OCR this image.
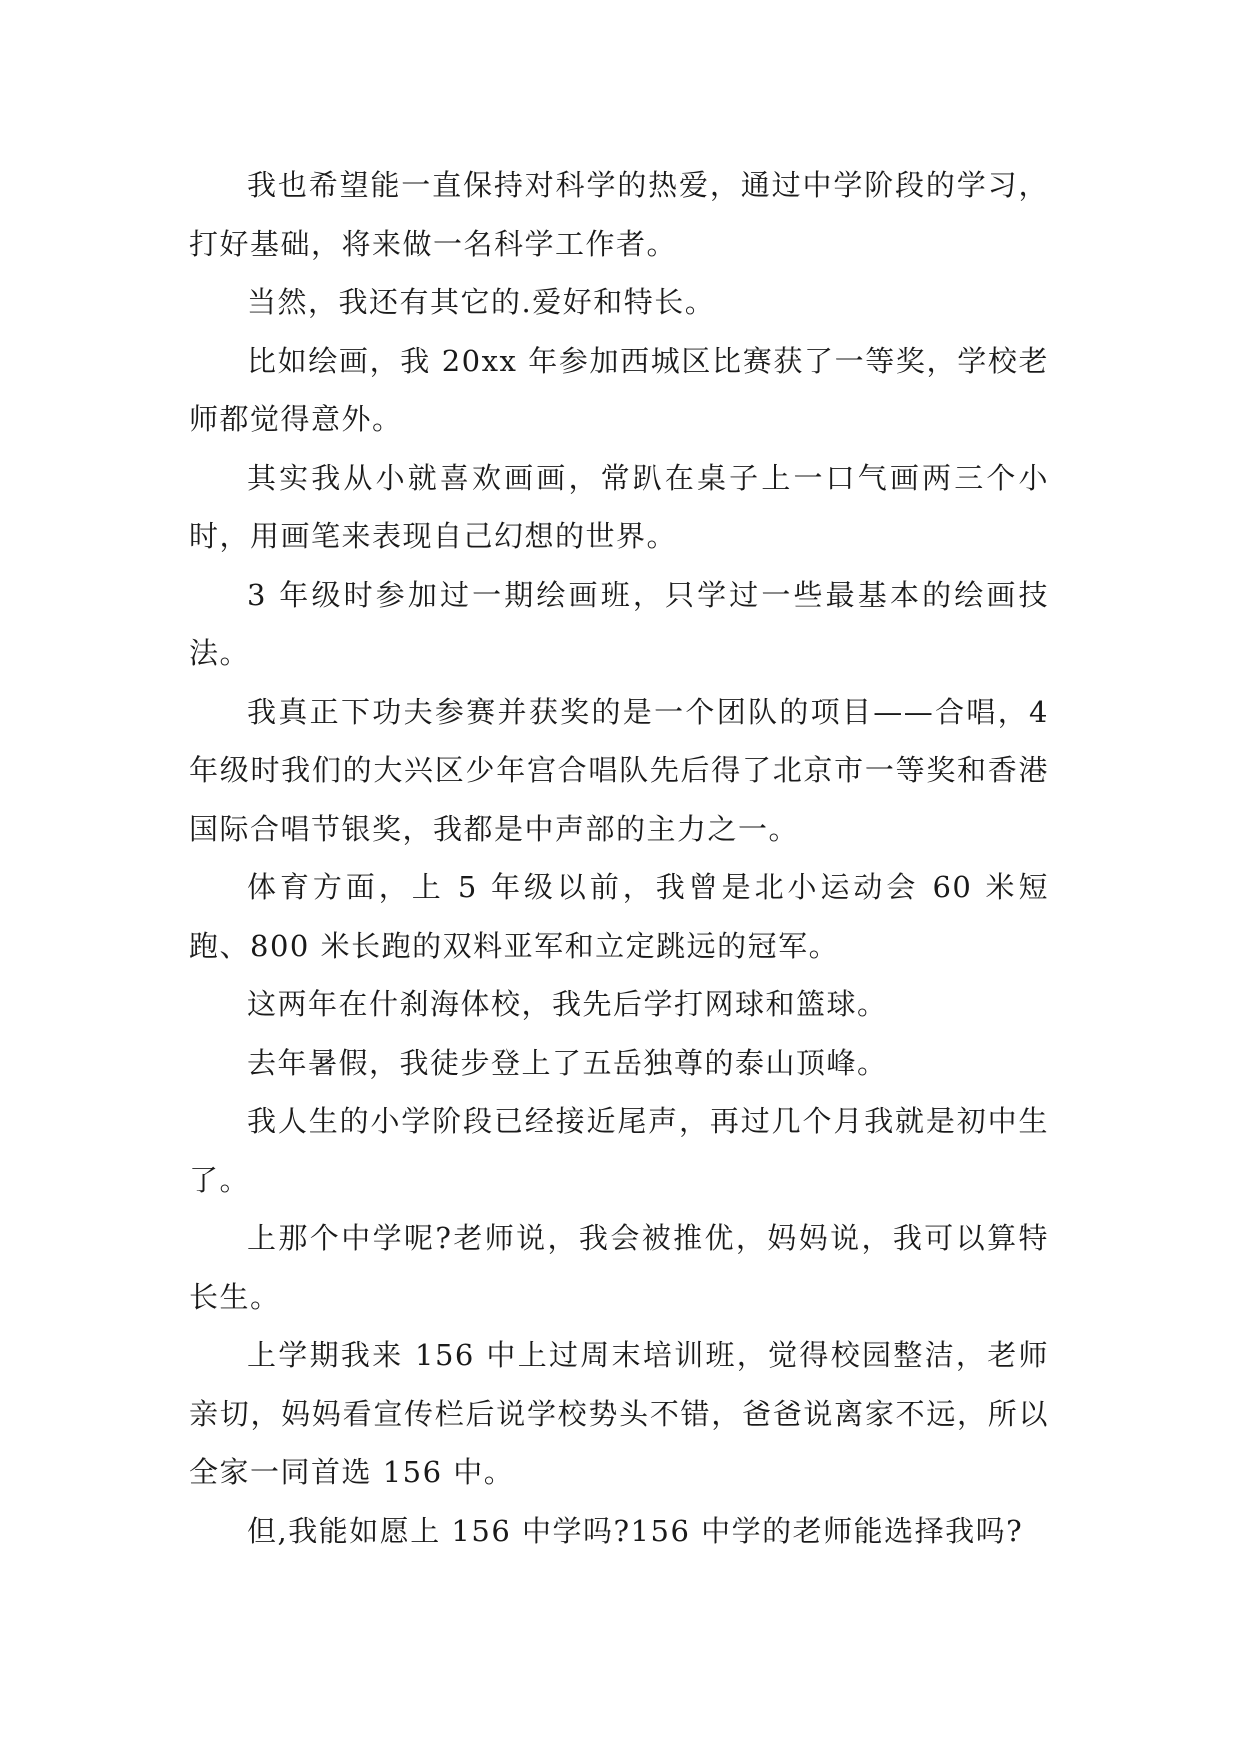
我也希望能一直保持对科学的热爱，通过中学阶段的学习，打好基础，将来做一名科学工作者。

当然，我还有其它的.爱好和特长。

比如绘画，我 20xx 年参加西城区比赛获了一等奖，学校老师都觉得意外。

其实我从小就喜欢画画，常趴在桌子上一口气画两三个小时，用画笔来表现自己幻想的世界。

3 年级时参加过一期绘画班，只学过一些最基本的绘画技法。

我真正下功夫参赛并获奖的是一个团队的项目——合唱，4 年级时我们的大兴区少年宫合唱队先后得了北京市一等奖和香港国际合唱节银奖，我都是中声部的主力之一。

体育方面，上 5 年级以前，我曾是北小运动会 60 米短跑、800 米长跑的双料亚军和立定跳远的冠军。

这两年在什刹海体校，我先后学打网球和篮球。

去年暑假，我徒步登上了五岳独尊的泰山顶峰。

我人生的小学阶段已经接近尾声，再过几个月我就是初中生了。

上那个中学呢?老师说，我会被推优，妈妈说，我可以算特长生。

上学期我来 156 中上过周末培训班，觉得校园整洁，老师亲切，妈妈看宣传栏后说学校势头不错，爸爸说离家不远，所以全家一同首选 156 中。

但,我能如愿上 156 中学吗?156 中学的老师能选择我吗?
